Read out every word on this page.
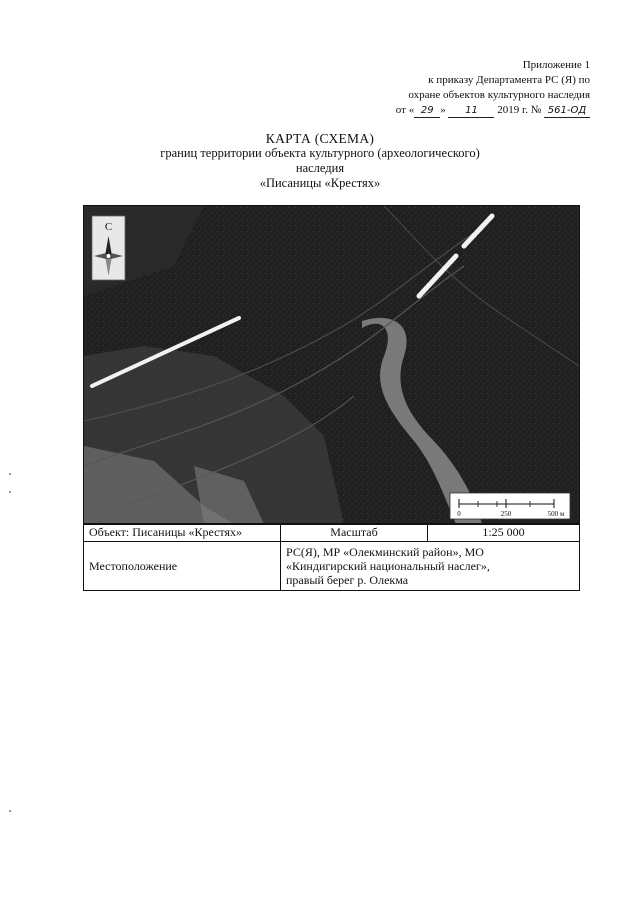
Приложение 1
к приказу Департамента РС (Я) по
охране объектов культурного наследия
от « 29 » 11 2019 г. № 561-ОД
КАРТА (СХЕМА)
границ территории объекта культурного (археологического)
наследия
«Писаницы «Крестях»
С
0	250	500 м
Объект: Писаницы «Крестях»	Масштаб	1:25 000
Местоположение	РС(Я), МР «Олекминский район», МО
«Киндигирский национальный наслег»,
правый берег р. Олекма	
